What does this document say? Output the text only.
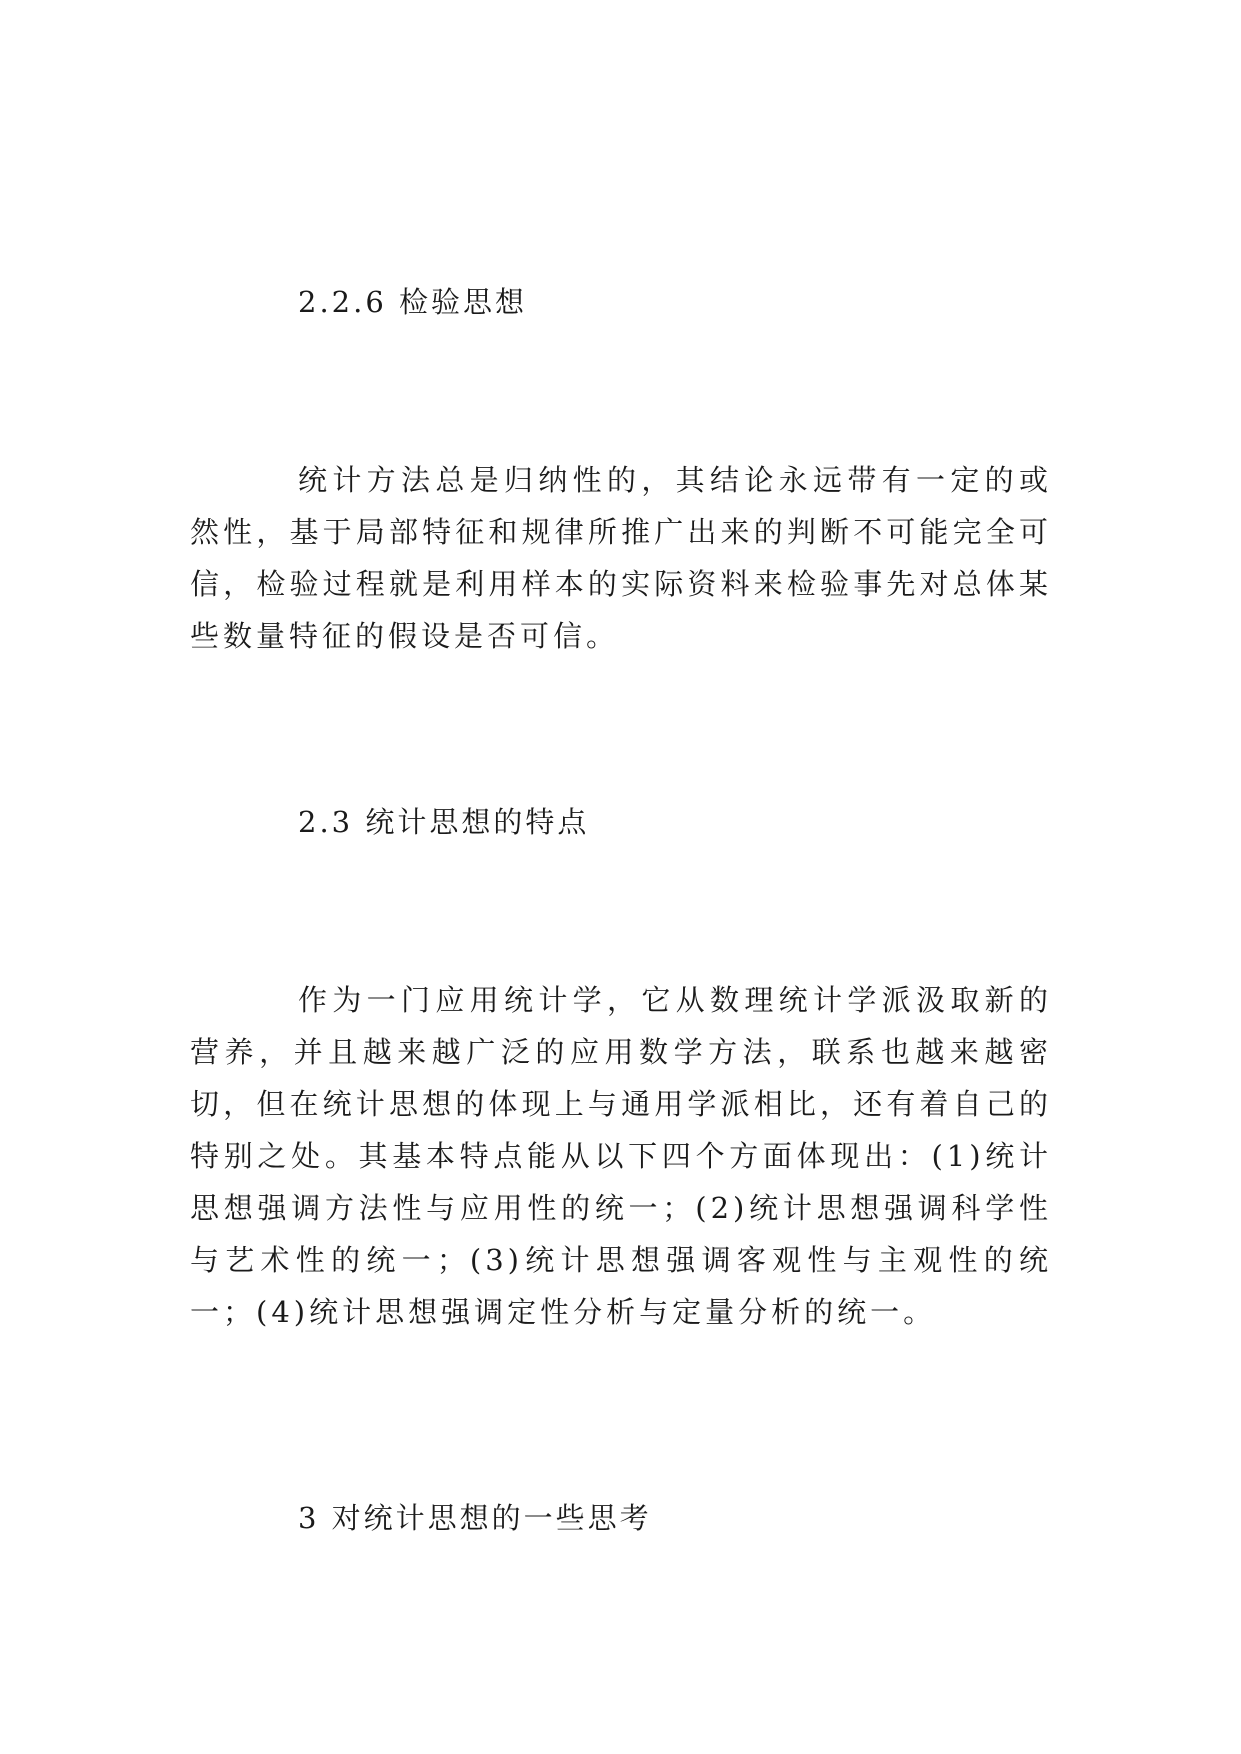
2.2.6 检验思想

统计方法总是归纳性的，其结论永远带有一定的或然性，基于局部特征和规律所推广出来的判断不可能完全可信，检验过程就是利用样本的实际资料来检验事先对总体某些数量特征的假设是否可信。

2.3 统计思想的特点

作为一门应用统计学，它从数理统计学派汲取新的营养，并且越来越广泛的应用数学方法，联系也越来越密切，但在统计思想的体现上与通用学派相比，还有着自己的特别之处。其基本特点能从以下四个方面体现出：(1)统计思想强调方法性与应用性的统一；(2)统计思想强调科学性与艺术性的统一；(3)统计思想强调客观性与主观性的统一；(4)统计思想强调定性分析与定量分析的统一。

3 对统计思想的一些思考
